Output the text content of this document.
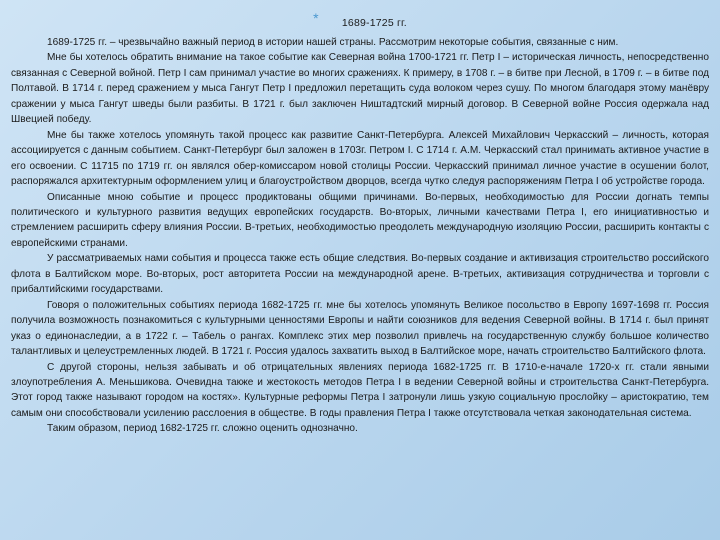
* 1689-1725 гг.

1689-1725 гг. – чрезвычайно важный период в истории нашей страны. Рассмотрим некоторые события, связанные с ним.

Мне бы хотелось обратить внимание на такое событие как Северная война 1700-1721 гг. Петр I – историческая личность, непосредственно связанная с Северной войной. Петр I сам принимал участие во многих сражениях. К примеру, в 1708 г. – в битве при Лесной, в 1709 г. – в битве под Полтавой. В 1714 г. перед сражением у мыса Гангут Петр I предложил перетащить суда волоком через сушу. По многом благодаря этому манёвру сражении у мыса Гангут шведы были разбиты. В 1721 г. был заключен Ништадтский мирный договор. В Северной войне Россия одержала над Швецией победу.

Мне бы также хотелось упомянуть такой процесс как развитие Санкт-Петербурга. Алексей Михайлович Черкасский – личность, которая ассоциируется с данным событием. Санкт-Петербург был заложен в 1703г. Петром I. С 1714 г. А.М. Черкасский стал принимать активное участие в его освоении. С 11715 по 1719 гг. он являлся обер-комиссаром новой столицы России. Черкасский принимал личное участие в осушении болот, распоряжался архитектурным оформлением улиц и благоустройством дворцов, всегда чутко следуя распоряжениям Петра I об устройстве города.

Описанные мною событие и процесс продиктованы общими причинами. Во-первых, необходимостью для России догнать темпы политического и культурного развития ведущих европейских государств. Во-вторых, личными качествами Петра I, его инициативностью и стремлением расширить сферу влияния России. В-третьих, необходимостью преодолеть международную изоляцию России, расширить контакты с европейскими странами.

У рассматриваемых нами события и процесса также есть общие следствия. Во-первых создание и активизация строительство российского флота в Балтийском море. Во-вторых, рост авторитета России на международной арене. В-третьих, активизация сотрудничества и торговли с прибалтийскими государствами.

Говоря о положительных событиях периода 1682-1725 гг. мне бы хотелось упомянуть Великое посольство в Европу 1697-1698 гг. Россия получила возможность познакомиться с культурными ценностями Европы и найти союзников для ведения Северной войны. В 1714 г. был принят указ о единонаследии, а в 1722 г. – Табель о рангах. Комплекс этих мер позволил привлечь на государственную службу большое количество талантливых и целеустремленных людей. В 1721 г. Россия удалось захватить выход в Балтийское море, начать строительство Балтийского флота.

С другой стороны, нельзя забывать и об отрицательных явлениях периода 1682-1725 гг. В 1710-е-начале 1720-х гг. стали явными злоупотребления А. Меньшикова. Очевидна также и жестокость методов Петра I в ведении Северной войны и строительства Санкт-Петербурга. Этот город также называют городом на костях». Культурные реформы Петра I затронули лишь узкую социальную прослойку – аристократию, тем самым они способствовали усилению расслоения в обществе. В годы правления Петра I также отсутствовала четкая законодательная система.

Таким образом, период 1682-1725 гг. сложно оценить однозначно.
